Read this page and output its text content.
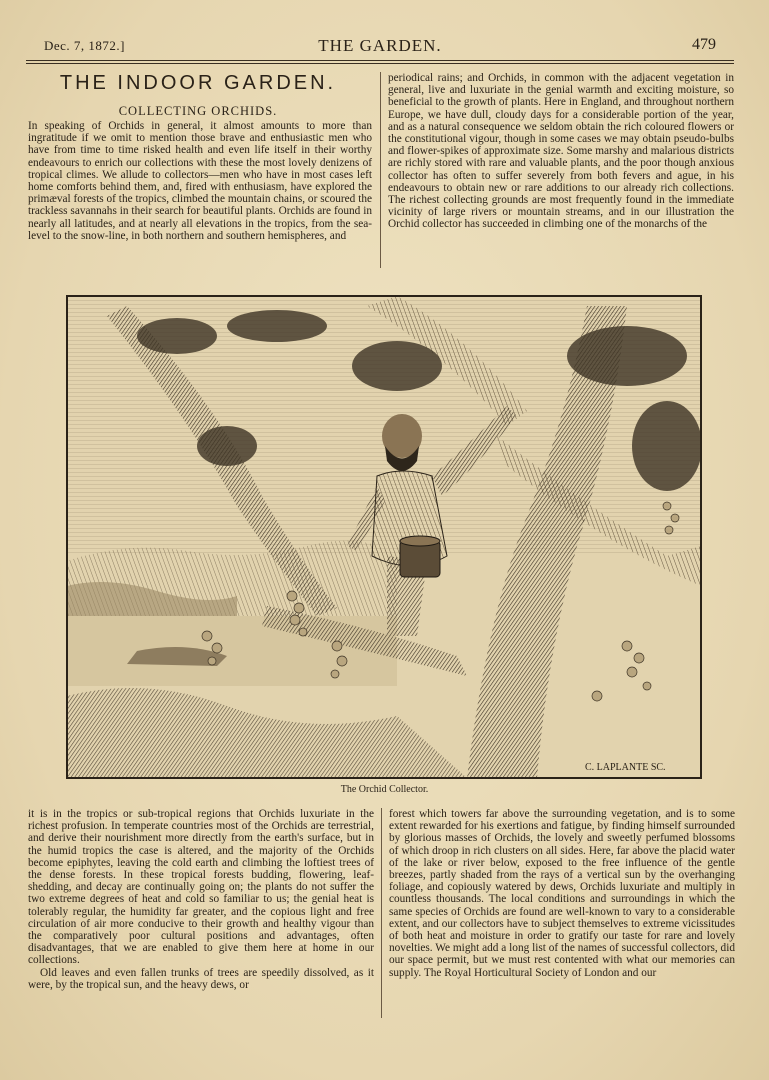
Dec. 7, 1872.]	THE GARDEN.	479
THE INDOOR GARDEN.
COLLECTING ORCHIDS.

In speaking of Orchids in general, it almost amounts to more than ingratitude if we omit to mention those brave and enthusiastic men who have from time to time risked health and even life itself in their worthy endeavours to enrich our collections with these the most lovely denizens of tropical climes. We allude to collectors—men who have in most cases left home comforts behind them, and, fired with enthusiasm, have explored the primæval forests of the tropics, climbed the mountain chains, or scoured the trackless savannahs in their search for beautiful plants. Orchids are found in nearly all latitudes, and at nearly all elevations in the tropics, from the sea-level to the snow-line, in both northern and southern hemispheres, and

periodical rains; and Orchids, in common with the adjacent vegetation in general, live and luxuriate in the genial warmth and exciting moisture, so beneficial to the growth of plants. Here in England, and throughout northern Europe, we have dull, cloudy days for a considerable portion of the year, and as a natural consequence we seldom obtain the rich coloured flowers or the constitutional vigour, though in some cases we may obtain pseudo-bulbs and flower-spikes of approximate size. Some marshy and malarious districts are richly stored with rare and valuable plants, and the poor though anxious collector has often to suffer severely from both fevers and ague, in his endeavours to obtain new or rare additions to our already rich collections. The richest collecting grounds are most frequently found in the immediate vicinity of large rivers or mountain streams, and in our illustration the Orchid collector has succeeded in climbing one of the monarchs of the

C. LAPLANTE SC.
The Orchid Collector.

it is in the tropics or sub-tropical regions that Orchids luxuriate in the richest profusion. In temperate countries most of the Orchids are terrestrial, and derive their nourishment more directly from the earth's surface, but in the humid tropics the case is altered, and the majority of the Orchids become epiphytes, leaving the cold earth and climbing the loftiest trees of the dense forests. In these tropical forests budding, flowering, leaf-shedding, and decay are continually going on; the plants do not suffer the two extreme degrees of heat and cold so familiar to us; the genial heat is tolerably regular, the humidity far greater, and the copious light and free circulation of air more conducive to their growth and healthy vigour than the comparatively poor cultural positions and advantages, often disadvantages, that we are enabled to give them here at home in our collections.

Old leaves and even fallen trunks of trees are speedily dissolved, as it were, by the tropical sun, and the heavy dews, or

forest which towers far above the surrounding vegetation, and is to some extent rewarded for his exertions and fatigue, by finding himself surrounded by glorious masses of Orchids, the lovely and sweetly perfumed blossoms of which droop in rich clusters on all sides. Here, far above the placid water of the lake or river below, exposed to the free influence of the gentle breezes, partly shaded from the rays of a vertical sun by the overhanging foliage, and copiously watered by dews, Orchids luxuriate and multiply in countless thousands. The local conditions and surroundings in which the same species of Orchids are found are well-known to vary to a considerable extent, and our collectors have to subject themselves to extreme vicissitudes of both heat and moisture in order to gratify our taste for rare and lovely novelties. We might add a long list of the names of successful collectors, did our space permit, but we must rest contented with what our memories can supply. The Royal Horticultural Society of London and our
